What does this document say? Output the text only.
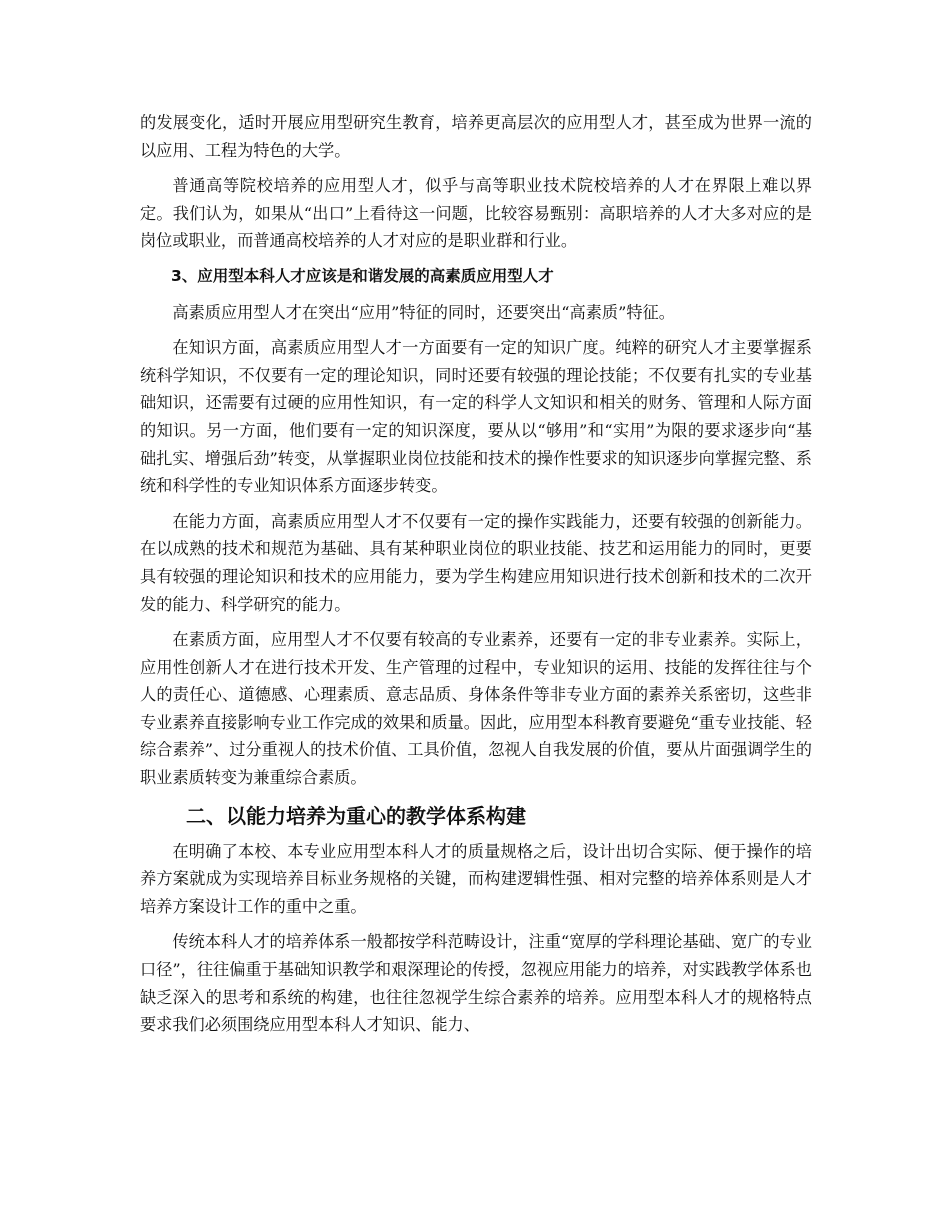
的发展变化，适时开展应用型研究生教育，培养更高层次的应用型人才，甚至成为世界一流的以应用、工程为特色的大学。

普通高等院校培养的应用型人才，似乎与高等职业技术院校培养的人才在界限上难以界定。我们认为，如果从“出口”上看待这一问题，比较容易甄别：高职培养的人才大多对应的是岗位或职业，而普通高校培养的人才对应的是职业群和行业。

3、应用型本科人才应该是和谐发展的高素质应用型人才

高素质应用型人才在突出“应用”特征的同时，还要突出“高素质”特征。

在知识方面，高素质应用型人才一方面要有一定的知识广度。纯粹的研究人才主要掌握系统科学知识，不仅要有一定的理论知识，同时还要有较强的理论技能；不仅要有扎实的专业基础知识，还需要有过硬的应用性知识，有一定的科学人文知识和相关的财务、管理和人际方面的知识。另一方面，他们要有一定的知识深度，要从以“够用”和“实用”为限的要求逐步向“基础扎实、增强后劲”转变，从掌握职业岗位技能和技术的操作性要求的知识逐步向掌握完整、系统和科学性的专业知识体系方面逐步转变。

在能力方面，高素质应用型人才不仅要有一定的操作实践能力，还要有较强的创新能力。在以成熟的技术和规范为基础、具有某种职业岗位的职业技能、技艺和运用能力的同时，更要具有较强的理论知识和技术的应用能力，要为学生构建应用知识进行技术创新和技术的二次开发的能力、科学研究的能力。

在素质方面，应用型人才不仅要有较高的专业素养，还要有一定的非专业素养。实际上，应用性创新人才在进行技术开发、生产管理的过程中，专业知识的运用、技能的发挥往往与个人的责任心、道德感、心理素质、意志品质、身体条件等非专业方面的素养关系密切，这些非专业素养直接影响专业工作完成的效果和质量。因此，应用型本科教育要避免“重专业技能、轻综合素养”、过分重视人的技术价值、工具价值，忽视人自我发展的价值，要从片面强调学生的职业素质转变为兼重综合素质。

二、以能力培养为重心的教学体系构建

在明确了本校、本专业应用型本科人才的质量规格之后，设计出切合实际、便于操作的培养方案就成为实现培养目标业务规格的关键，而构建逻辑性强、相对完整的培养体系则是人才培养方案设计工作的重中之重。

传统本科人才的培养体系一般都按学科范畴设计，注重“宽厚的学科理论基础、宽广的专业口径”，往往偏重于基础知识教学和艰深理论的传授，忽视应用能力的培养，对实践教学体系也缺乏深入的思考和系统的构建，也往往忽视学生综合素养的培养。应用型本科人才的规格特点要求我们必须围绕应用型本科人才知识、能力、
